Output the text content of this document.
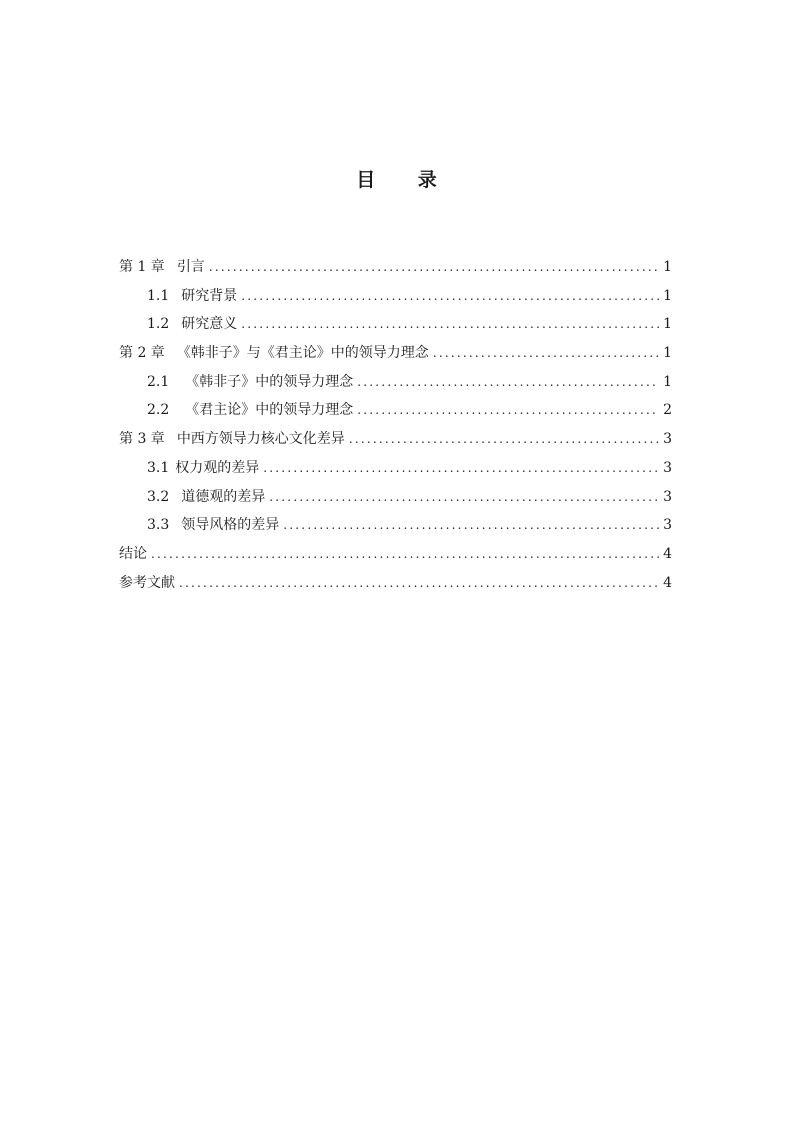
目 录
第 1 章 引言 .....	1
1.1 研究背景 .....	1
1.2 研究意义 .....	1
第 2 章 《韩非子》与《君主论》中的领导力理念 .....	1
2.1 《韩非子》中的领导力理念 .....	1
2.2 《君主论》中的领导力理念 .....	2
第 3 章 中西方领导力核心文化差异 .....	3
3.1 权力观的差异 .....	3
3.2 道德观的差异 .....	3
3.3 领导风格的差异 .....	3
结论 .....	4
参考文献 .....	4
